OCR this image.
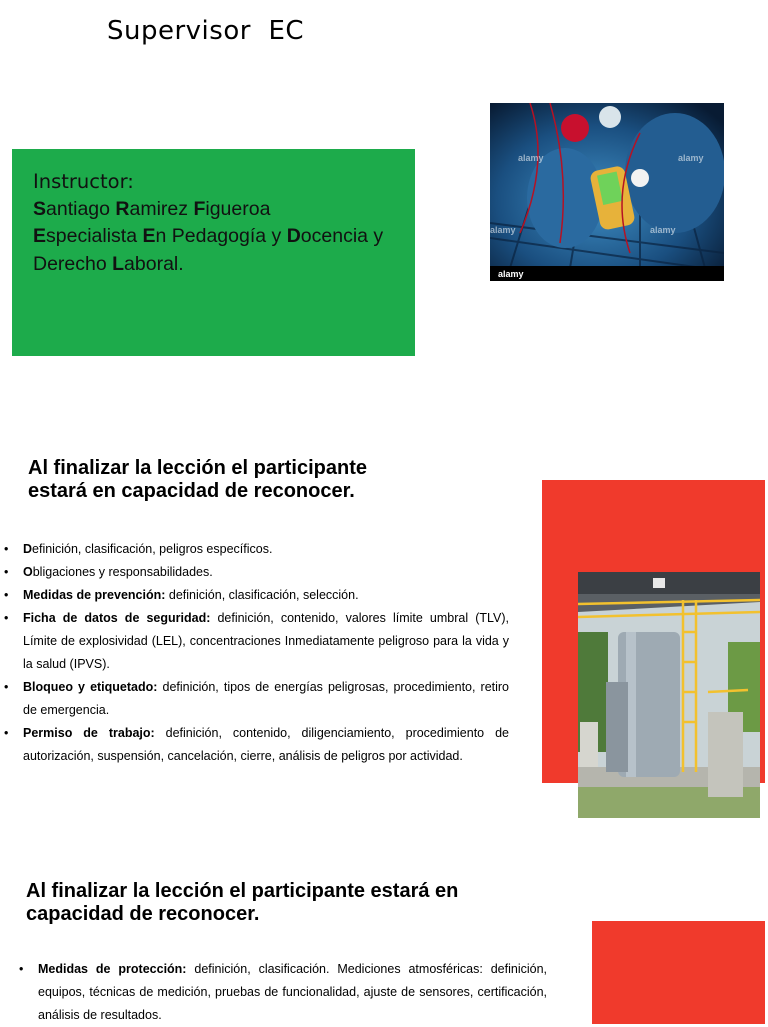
Supervisor  EC
Instructor:
Santiago Ramirez Figueroa
Especialista En Pedagogía y Docencia y Derecho Laboral.
alamy	alamy
alamy	alamy
alamy
Al finalizar la lección el participante estará en capacidad de reconocer.
• Definición, clasificación, peligros específicos.
• Obligaciones y responsabilidades.
• Medidas de prevención: definición, clasificación, selección.
• Ficha de datos de seguridad: definición, contenido, valores límite umbral (TLV), Límite de explosividad (LEL), concentraciones Inmediatamente peligroso para la vida y la salud (IPVS).
• Bloqueo y etiquetado: definición, tipos de energías peligrosas, procedimiento, retiro de emergencia.
• Permiso de trabajo: definición, contenido, diligenciamiento, procedimiento de autorización, suspensión, cancelación, cierre, análisis de peligros por actividad.
Al finalizar la lección el participante estará en capacidad de reconocer.
• Medidas de protección: definición, clasificación. Mediciones atmosféricas: definición, equipos, técnicas de medición, pruebas de funcionalidad, ajuste de sensores, certificación, análisis de resultados.
